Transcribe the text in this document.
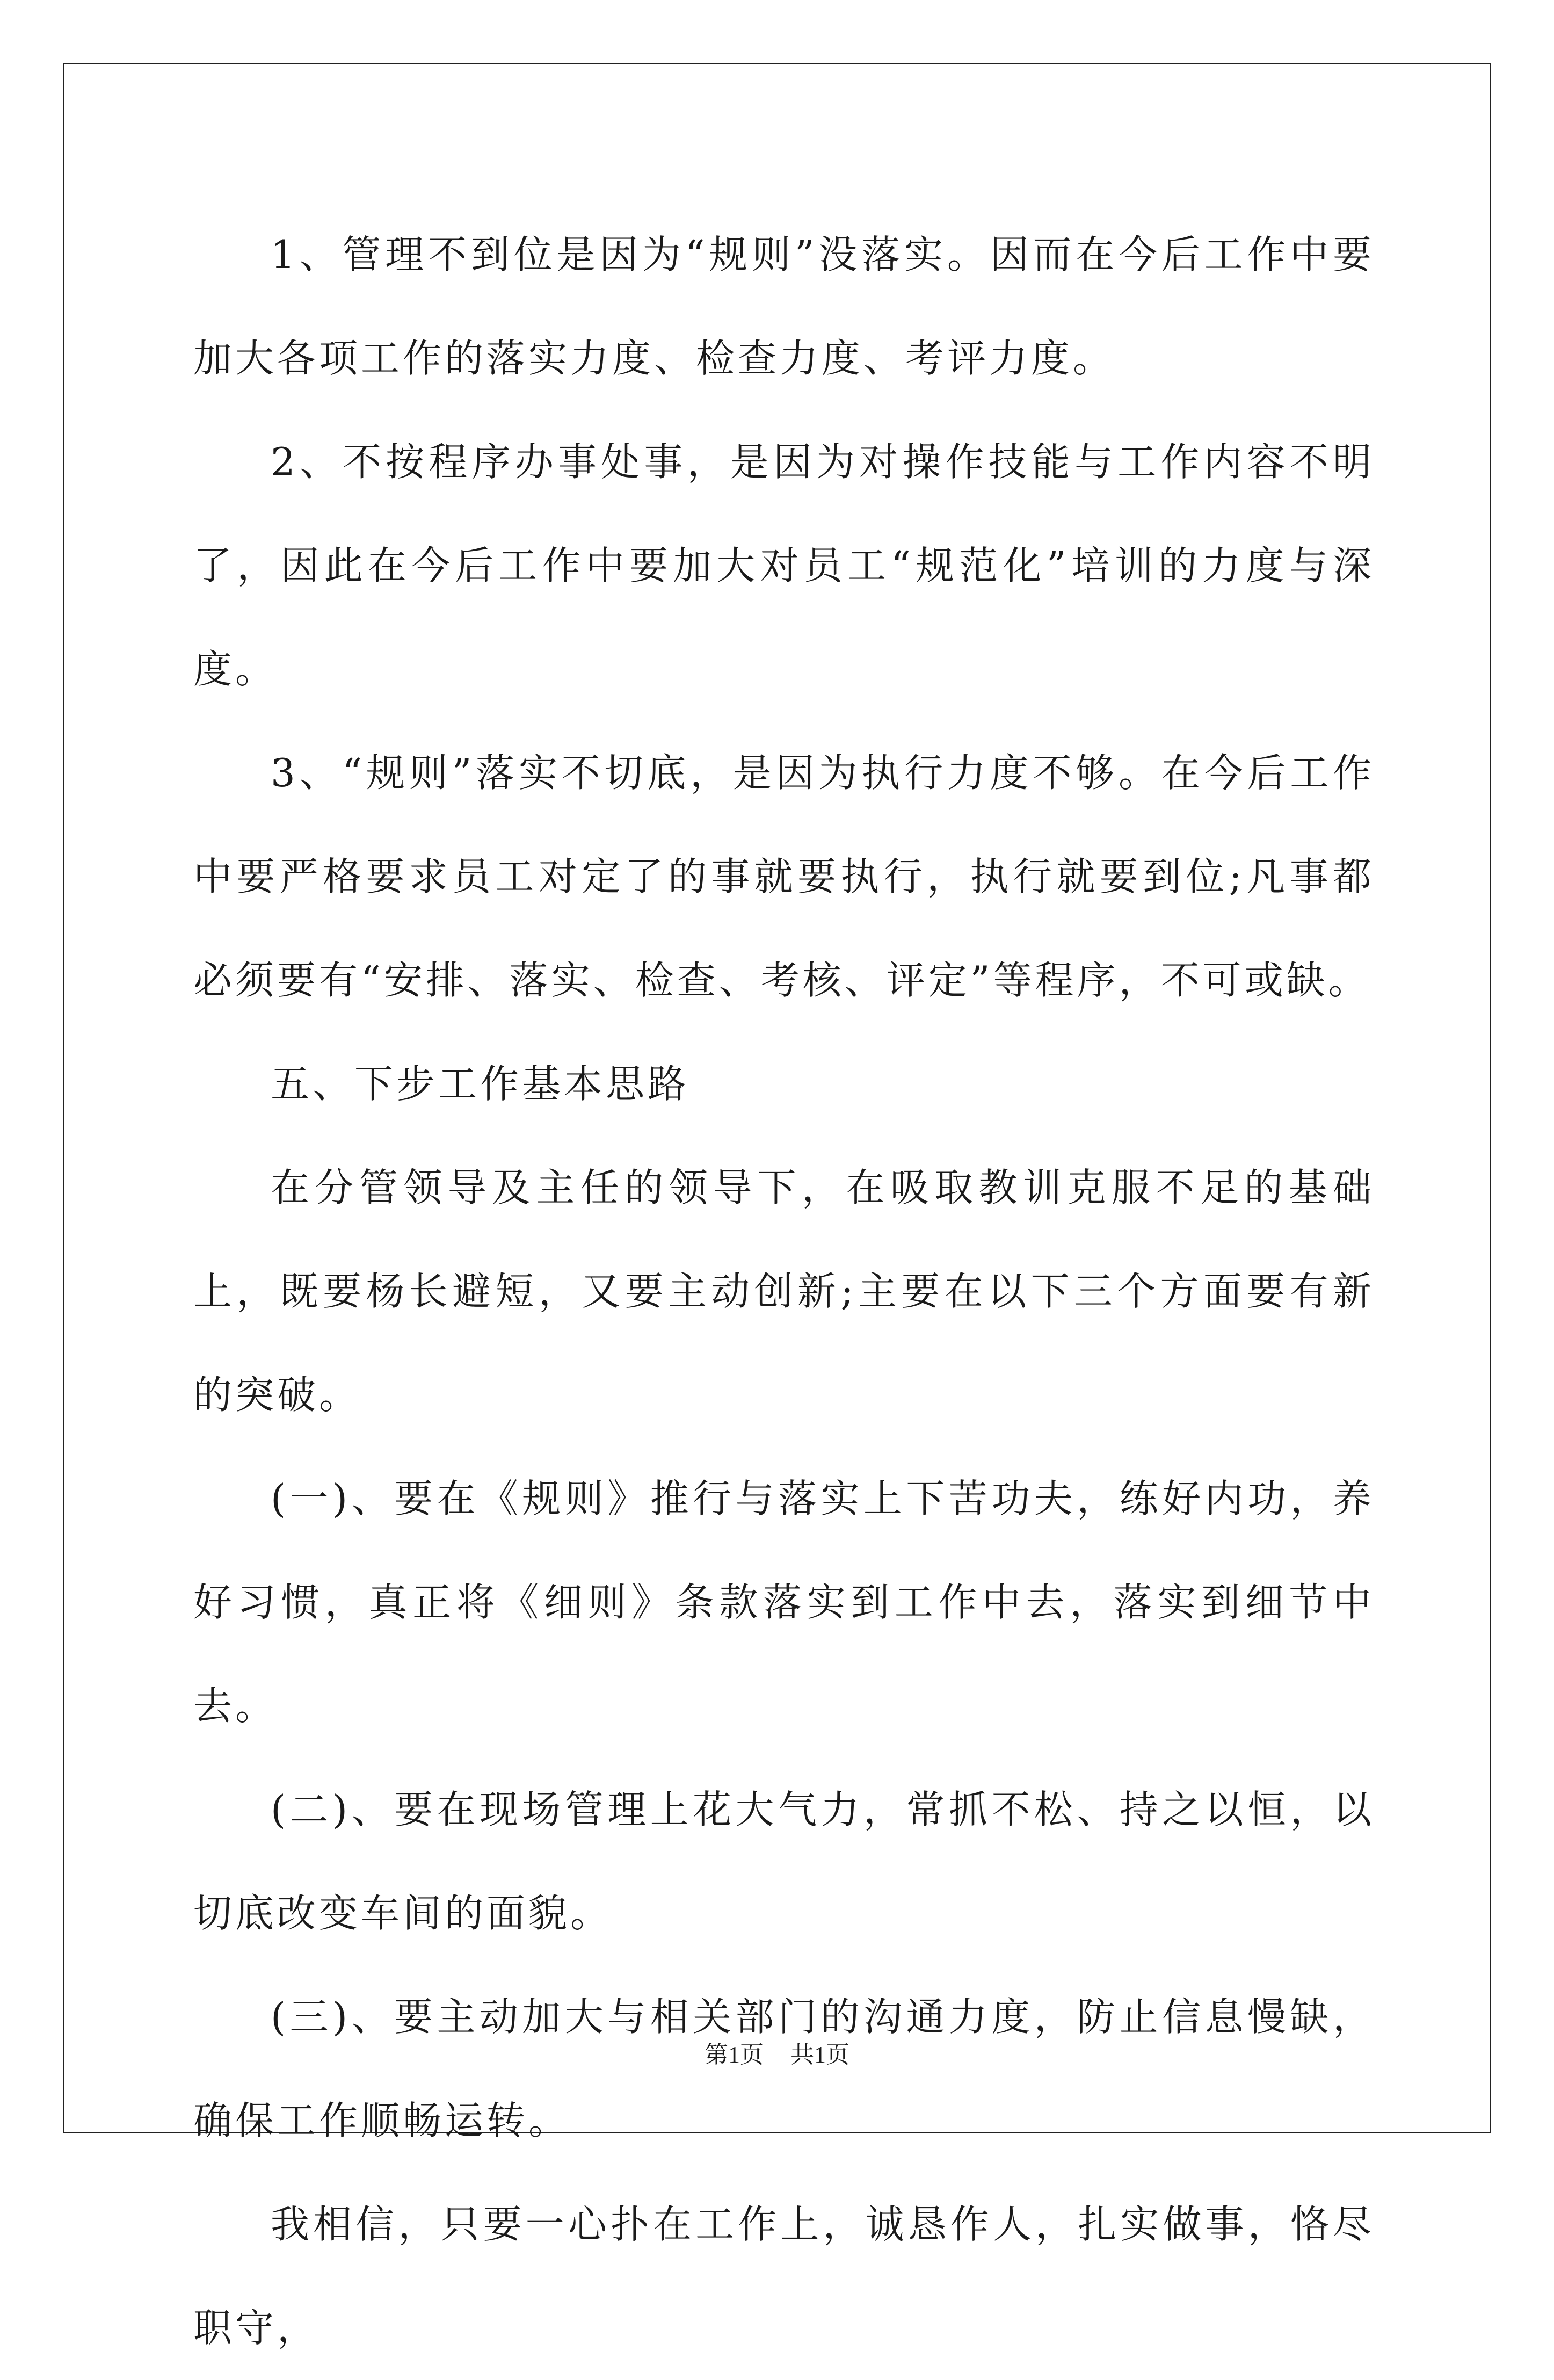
1、管理不到位是因为“规则”没落实。因而在今后工作中要加大各项工作的落实力度、检查力度、考评力度。

2、不按程序办事处事，是因为对操作技能与工作内容不明了，因此在今后工作中要加大对员工“规范化”培训的力度与深度。

3、“规则”落实不切底，是因为执行力度不够。在今后工作中要严格要求员工对定了的事就要执行，执行就要到位;凡事都必须要有“安排、落实、检查、考核、评定”等程序，不可或缺。

五、下步工作基本思路

在分管领导及主任的领导下，在吸取教训克服不足的基础上，既要杨长避短，又要主动创新;主要在以下三个方面要有新的突破。

(一)、要在《规则》推行与落实上下苦功夫，练好内功，养好习惯，真正将《细则》条款落实到工作中去，落实到细节中去。

(二)、要在现场管理上花大气力，常抓不松、持之以恒，以切底改变车间的面貌。

(三)、要主动加大与相关部门的沟通力度，防止信息慢缺，确保工作顺畅运转。

我相信，只要一心扑在工作上，诚恳作人，扎实做事，恪尽职守，

第1页 共1页
